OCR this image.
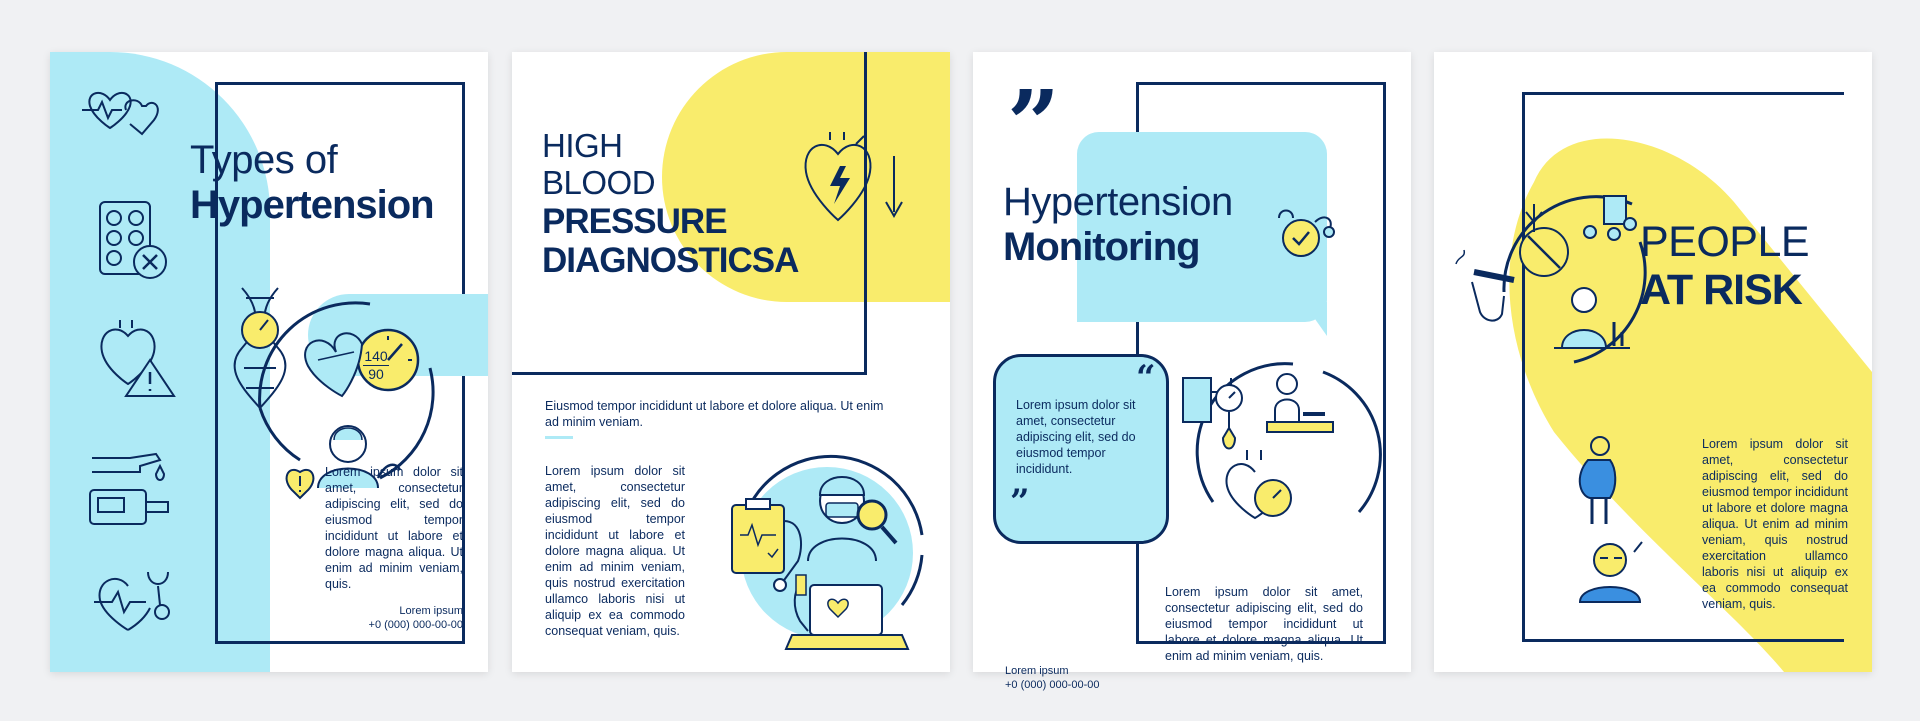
Types of
Hypertension
140
90
Lorem ipsum dolor sit amet, consectetur adipiscing elit, sed do eiusmod tempor incididunt ut labore et dolore magna aliqua. Ut enim ad minim veniam, quis.
Lorem ipsum
+0 (000) 000-00-00
HIGH
BLOOD
PRESSURE
DIAGNOSTICSA
Eiusmod tempor incididunt ut labore et dolore aliqua. Ut enim ad minim veniam.
Lorem ipsum dolor sit amet, consectetur adipiscing elit, sed do eiusmod tempor incididunt ut labore et dolore magna aliqua. Ut enim ad minim veniam, quis nostrud exercitation ullamco laboris nisi ut aliquip ex ea commodo consequat veniam, quis.
”
Hypertension
Monitoring
“
Lorem ipsum dolor sit amet, consectetur adipiscing elit, sed do eiusmod tempor incididunt.
”
Lorem ipsum dolor sit amet, consectetur adipiscing elit, sed do eiusmod tempor incididunt ut labore et dolore magna aliqua. Ut enim ad minim veniam, quis.
Lorem ipsum
+0 (000) 000-00-00
PEOPLE
AT RISK
Lorem ipsum dolor sit amet, consectetur adipiscing elit, sed do eiusmod tempor incididunt ut labore et dolore magna aliqua. Ut enim ad minim veniam, quis nostrud exercitation ullamco laboris nisi ut aliquip ex ea commodo consequat veniam, quis.
